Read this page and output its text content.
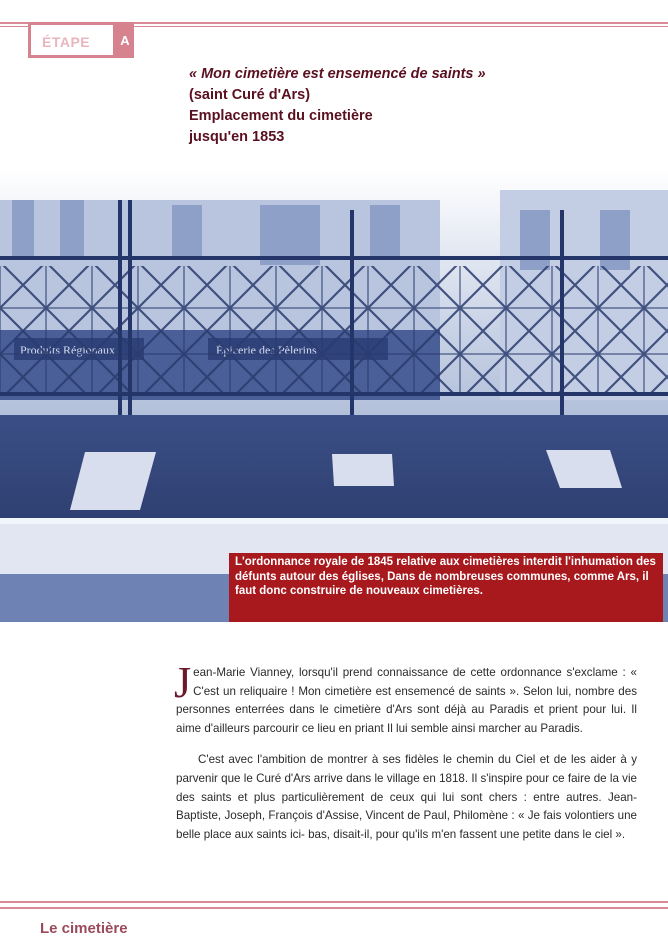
ÉTAPE	A
« Mon cimetière est ensemencé de saints » (saint Curé d'Ars)
Emplacement du cimetière
jusqu'en 1853
L'ordonnance royale de 1845 relative aux cimetières interdit l'inhumation des défunts autour des églises, Dans de nombreuses communes, comme Ars, il faut donc construire de nouveaux cimetières.

Jean-Marie Vianney, lorsqu'il prend connaissance de cette ordonnance s'exclame : « C'est un reliquaire ! Mon cimetière est ensemencé de saints ». Selon lui, nombre des personnes enterrées dans le cimetière d'Ars sont déjà au Paradis et prient pour lui. Il aime d'ailleurs parcourir ce lieu en priant Il lui semble ainsi marcher au Paradis.

C'est avec l'ambition de montrer à ses fidèles le chemin du Ciel et de les aider à y parvenir que le Curé d'Ars arrive dans le village en 1818. Il s'inspire pour ce faire de la vie des saints et plus particulièrement de ceux qui lui sont chers : entre autres. Jean-Baptiste, Joseph, François d'Assise, Vincent de Paul, Philomène : « Je fais volontiers une belle place aux saints ici- bas, disait-il, pour qu'ils m'en fassent une petite dans le ciel ».

Le cimetière
